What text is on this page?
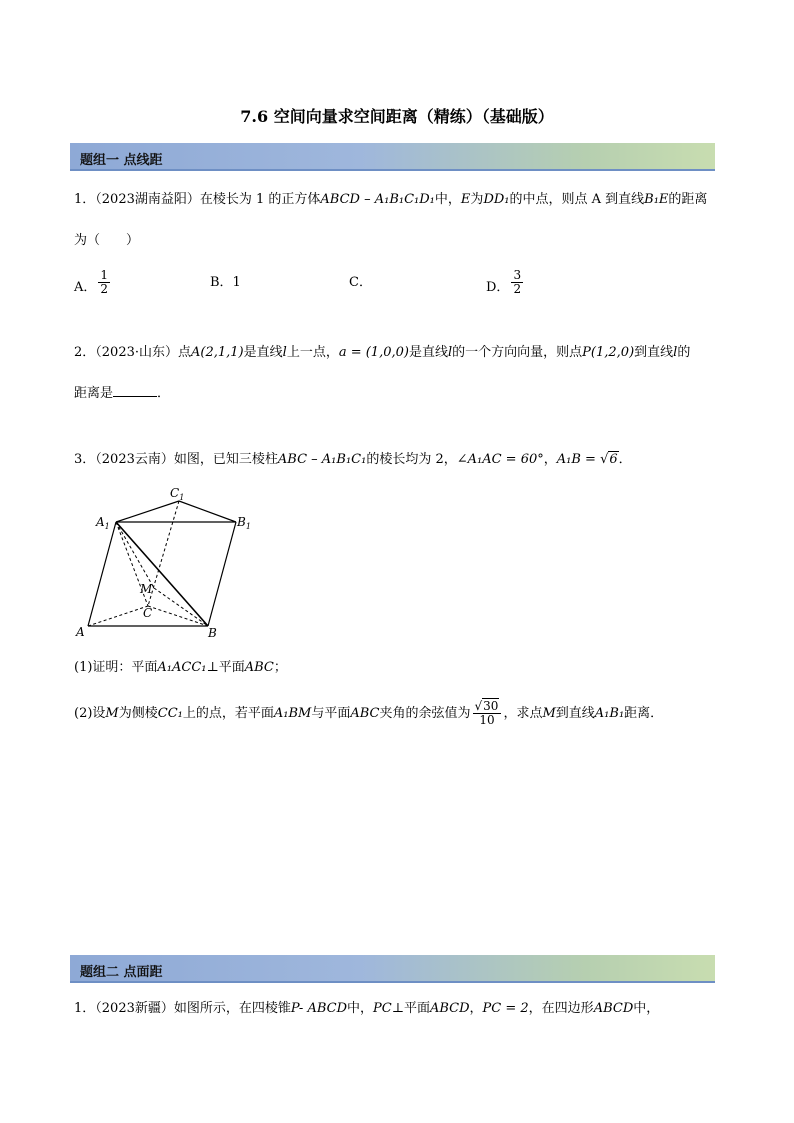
7.6 空间向量求空间距离（精练）（基础版）
题组一 点线距
1．（2023湖南益阳）在棱长为 1 的正方体ABCD – A₁B₁C₁D₁中，E为DD₁的中点，则点 A 到直线B₁E的距离
为（　　）
A． $\frac{1}{2}$	B．1	C．	D． $\frac{3}{2}$
2．（2023·山东）点A(2,1,1)是直线l上一点，a = (1,0,0)是直线l的一个方向向量，则点P(1,2,0)到直线l的
距离是	．
3．（2023云南）如图，已知三棱柱ABC – A₁B₁C₁的棱长均为 2，∠A₁AC = 60°，A₁B = √6．
$C_1$
$A_1$	$B_1$
M
C
A	B
(1)证明：平面A₁ACC₁⊥平面ABC；
(2)设M为侧棱CC₁上的点，若平面A₁BM与平面ABC夹角的余弦值为 $\frac{√30}{10}$ ，求点M到直线A₁B₁距离．
题组二 点面距
1．（2023新疆）如图所示，在四棱锥P- ABCD中，PC⊥平面ABCD，PC = 2，在四边形ABCD中，
